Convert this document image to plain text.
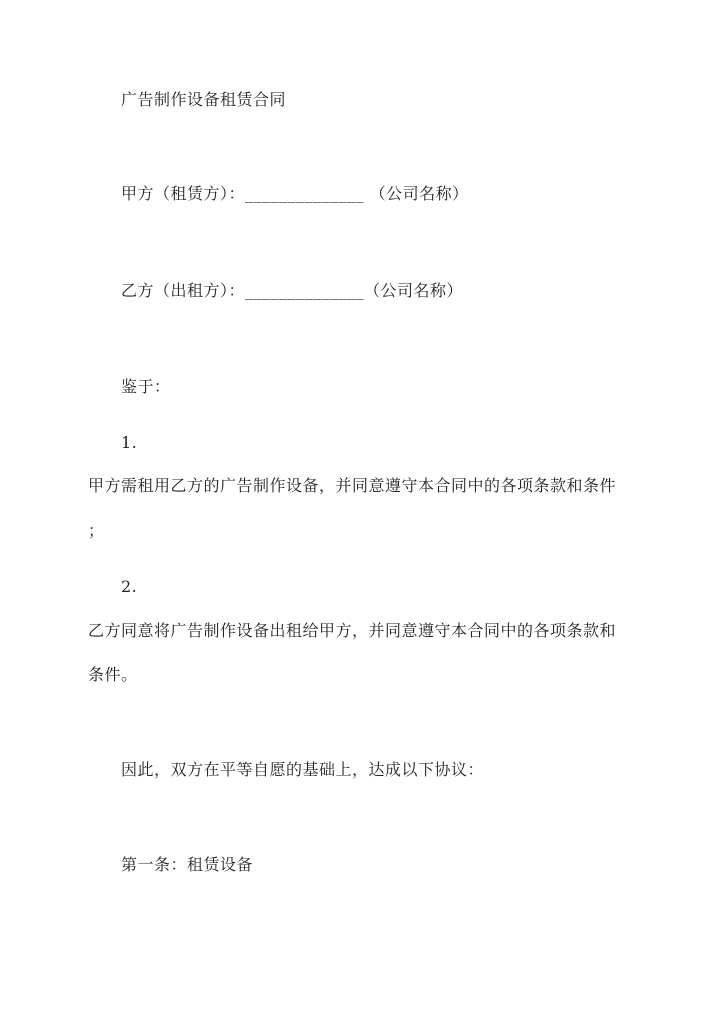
广告制作设备租赁合同
甲方（租赁方）：______________ （公司名称）
乙方（出租方）：______________（公司名称）
鉴于：
1.
甲方需租用乙方的广告制作设备，并同意遵守本合同中的各项条款和条件
；
2.
乙方同意将广告制作设备出租给甲方，并同意遵守本合同中的各项条款和
条件。
因此，双方在平等自愿的基础上，达成以下协议：
第一条：租赁设备
